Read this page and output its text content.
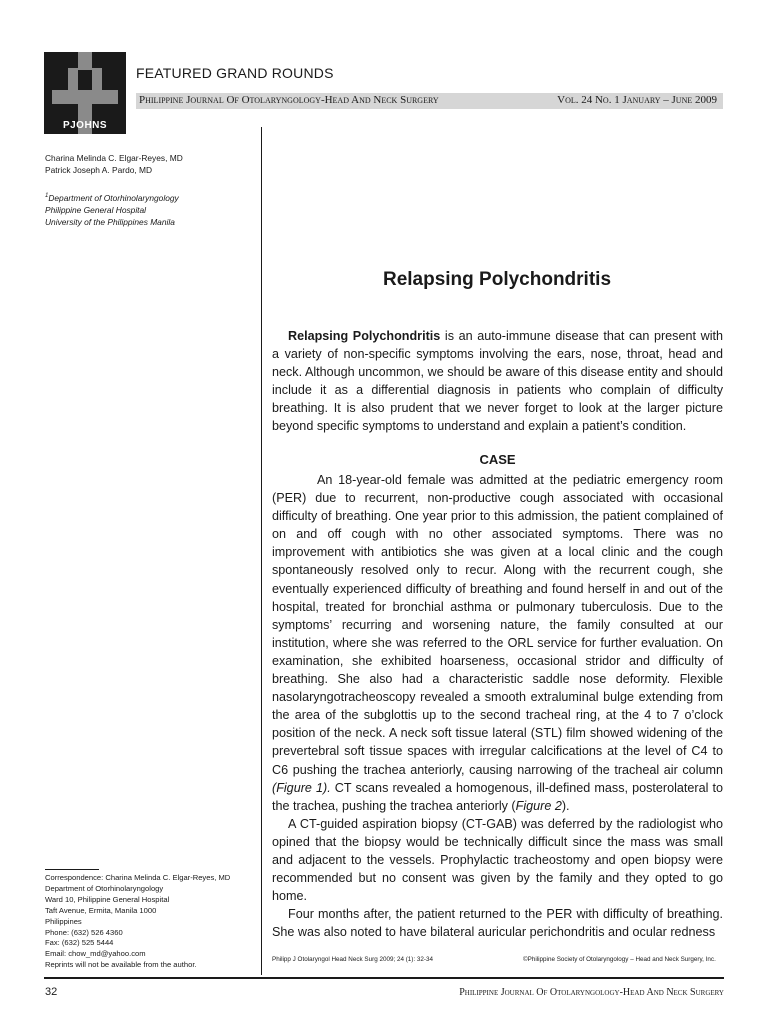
PJOHNS
FEATURED GRAND ROUNDS
Philippine Journal Of Otolaryngology-Head And Neck Surgery	Vol. 24 No. 1 January – June 2009
Charina Melinda C. Elgar-Reyes, MD
Patrick Joseph A. Pardo, MD
$^1$Department of Otorhinolaryngology
Philippine General Hospital
University of the Philippines Manila
Correspondence: Charina Melinda C. Elgar-Reyes, MD
Department of Otorhinolaryngology
Ward 10, Philippine General Hospital
Taft Avenue, Ermita, Manila 1000
Philippines
Phone: (632) 526 4360
Fax: (632) 525 5444
Email: chow_md@yahoo.com
Reprints will not be available from the author.
Relapsing Polychondritis

Relapsing Polychondritis is an auto-immune disease that can present with a variety of non-specific symptoms involving the ears, nose, throat, head and neck. Although uncommon, we should be aware of this disease entity and should include it as a differential diagnosis in patients who complain of difficulty breathing. It is also prudent that we never forget to look at the larger picture beyond specific symptoms to understand and explain a patient’s condition.

CASE

An 18-year-old female was admitted at the pediatric emergency room (PER) due to recurrent, non-productive cough associated with occasional difficulty of breathing. One year prior to this admission, the patient complained of on and off cough with no other associated symptoms. There was no improvement with antibiotics she was given at a local clinic and the cough spontaneously resolved only to recur. Along with the recurrent cough, she eventually experienced difficulty of breathing and found herself in and out of the hospital, treated for bronchial asthma or pulmonary tuberculosis. Due to the symptoms’ recurring and worsening nature, the family consulted at our institution, where she was referred to the ORL service for further evaluation. On examination, she exhibited hoarseness, occasional stridor and difficulty of breathing. She also had a characteristic saddle nose deformity. Flexible nasolaryngotracheoscopy revealed a smooth extraluminal bulge extending from the area of the subglottis up to the second tracheal ring, at the 4 to 7 o’clock position of the neck. A neck soft tissue lateral (STL) film showed widening of the prevertebral soft tissue spaces with irregular calcifications at the level of C4 to C6 pushing the trachea anteriorly, causing narrowing of the tracheal air column (Figure 1). CT scans revealed a homogenous, ill-defined mass, posterolateral to the trachea, pushing the trachea anteriorly (Figure 2).

A CT-guided aspiration biopsy (CT-GAB) was deferred by the radiologist who opined that the biopsy would be technically difficult since the mass was small and adjacent to the vessels. Prophylactic tracheostomy and open biopsy were recommended but no consent was given by the family and they opted to go home.

Four months after, the patient returned to the PER with difficulty of breathing. She was also noted to have bilateral auricular perichondritis and ocular redness

Philipp J Otolaryngol Head Neck Surg 2009; 24 (1): 32-34	©Philippine Society of Otolaryngology – Head and Neck Surgery, Inc.
32	Philippine Journal Of Otolaryngology-Head And Neck Surgery
